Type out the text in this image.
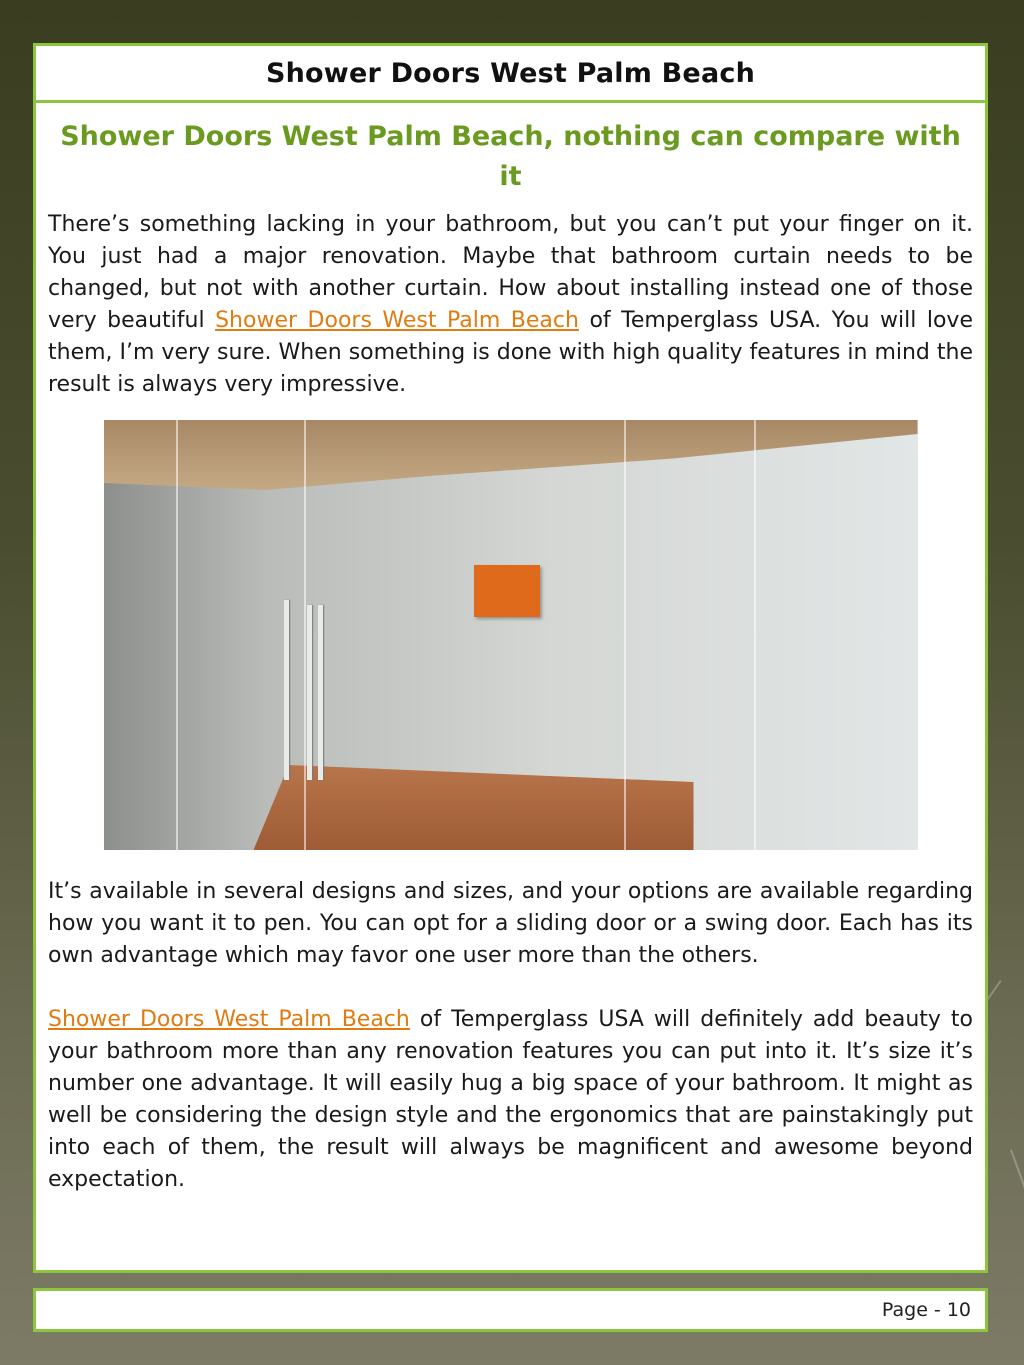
Shower Doors West Palm Beach
Shower Doors West Palm Beach, nothing can compare with it

There’s something lacking in your bathroom, but you can’t put your finger on it. You just had a major renovation. Maybe that bathroom curtain needs to be changed, but not with another curtain. How about installing instead one of those very beautiful Shower Doors West Palm Beach of Temperglass USA. You will love them, I’m very sure. When something is done with high quality features in mind the result is always very impressive.

It’s available in several designs and sizes, and your options are available regarding how you want it to pen. You can opt for a sliding door or a swing door. Each has its own advantage which may favor one user more than the others.

Shower Doors West Palm Beach of Temperglass USA will definitely add beauty to your bathroom more than any renovation features you can put into it. It’s size it’s number one advantage. It will easily hug a big space of your bathroom. It might as well be considering the design style and the ergonomics that are painstakingly put into each of them, the result will always be magnificent and awesome beyond expectation.

Page - 10
